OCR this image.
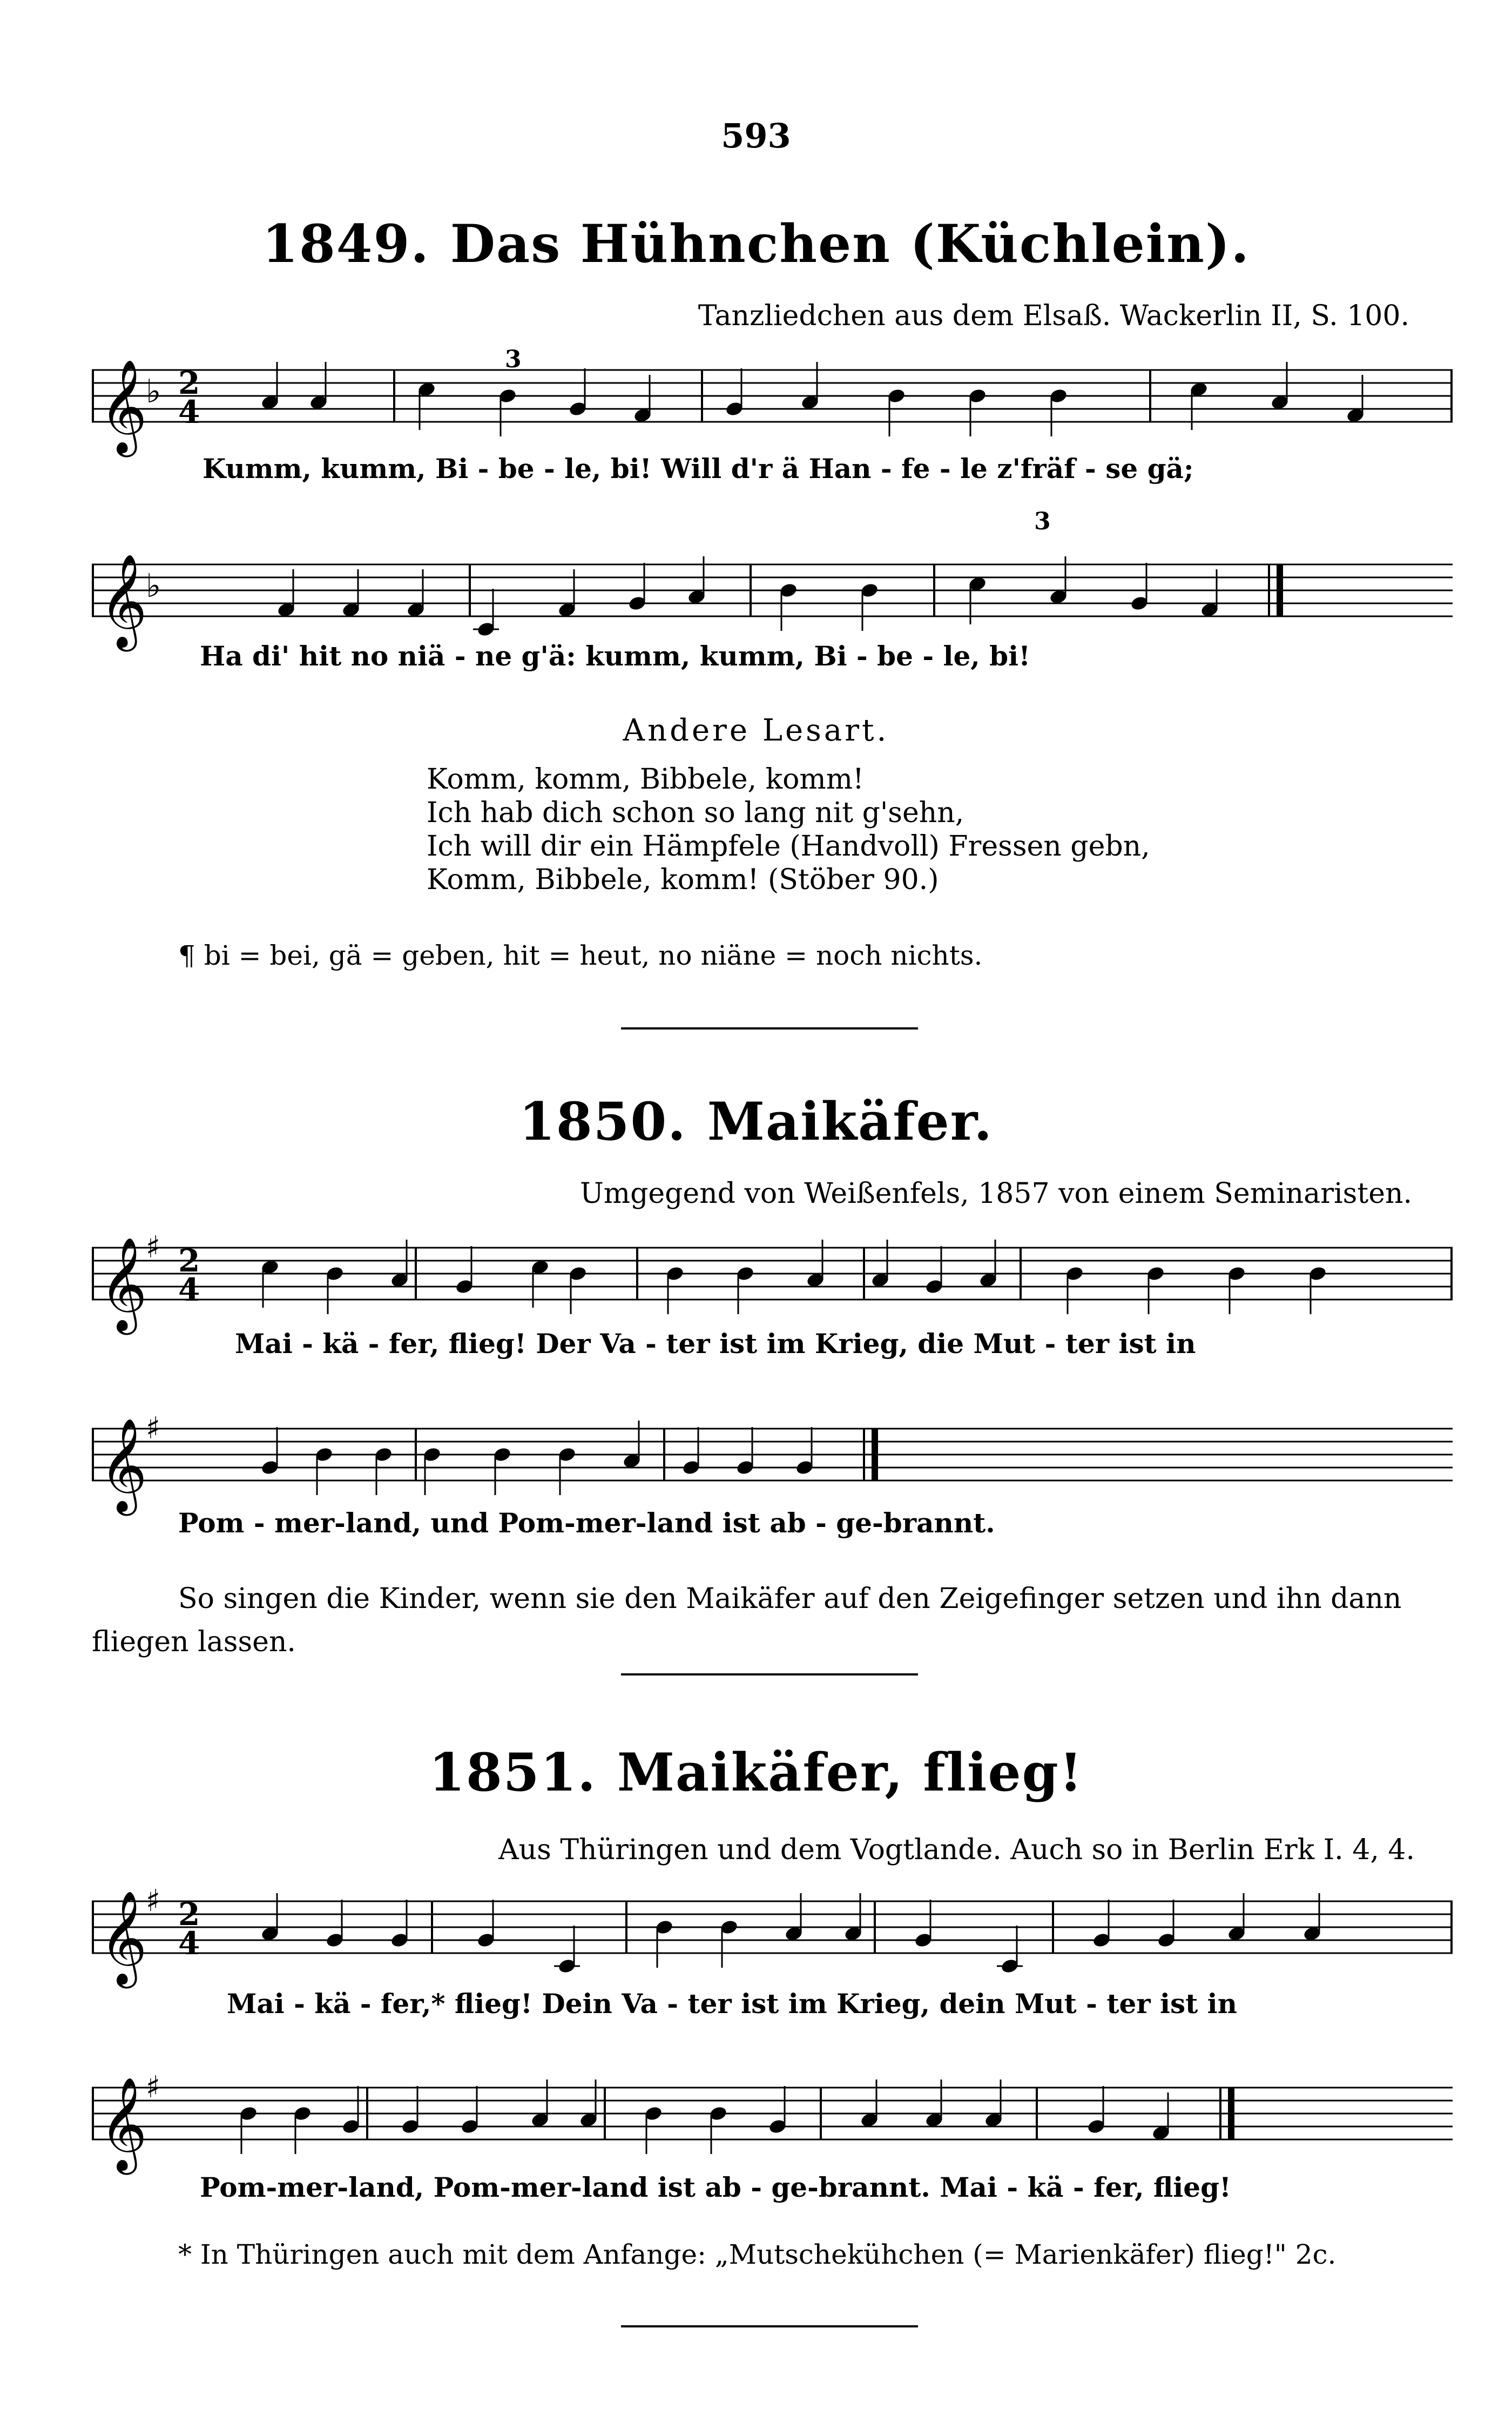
593
1849. Das Hühnchen (Küchlein).
Tanzliedchen aus dem Elsaß. Wackerlin II, S. 100.
𝄞
♭ 2
4
3
Kumm, kumm, Bi - be - le, bi! Will d'r ä Han - fe - le z'fräf - se gä;
𝄞
♭
3
Ha di' hit no niä - ne g'ä: kumm, kumm, Bi - be - le, bi!
Andere Lesart.
Komm, komm, Bibbele, komm!
Ich hab dich schon so lang nit g'sehn,
Ich will dir ein Hämpfele (Handvoll) Fressen gebn,
Komm, Bibbele, komm! (Stöber 90.)
¶ bi = bei, gä = geben, hit = heut, no niäne = noch nichts.
1850. Maikäfer.
Umgegend von Weißenfels, 1857 von einem Seminaristen.
𝄞
♯ 2
4
Mai - kä - fer, flieg! Der Va - ter ist im Krieg, die Mut - ter ist in
𝄞
♯
Pom - mer-land, und Pom-mer-land ist ab - ge-brannt.
So singen die Kinder, wenn sie den Maikäfer auf den Zeigefinger setzen und ihn dann fliegen lassen.
1851. Maikäfer, flieg!
Aus Thüringen und dem Vogtlande. Auch so in Berlin Erk I. 4, 4.
𝄞
♯ 2
4
Mai - kä - fer,* flieg! Dein Va - ter ist im Krieg, dein Mut - ter ist in
𝄞
♯
Pom-mer-land, Pom-mer-land ist ab - ge-brannt. Mai - kä - fer, flieg!
* In Thüringen auch mit dem Anfange: „Mutschekühchen (= Marienkäfer) flieg!" 2c.
